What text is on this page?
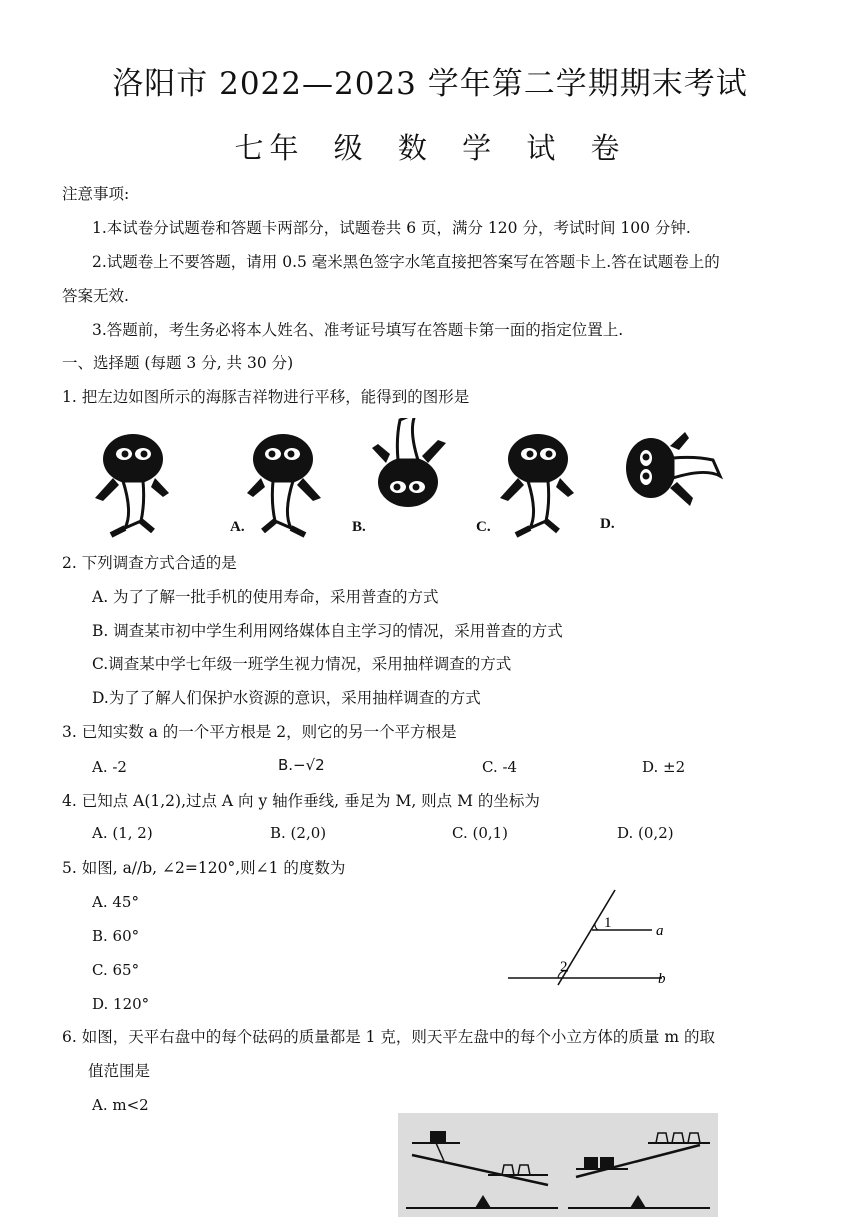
洛阳市 2022—2023 学年第二学期期末考试
七年 级 数 学 试 卷
注意事项:
1.本试卷分试题卷和答题卡两部分，试题卷共 6 页，满分 120 分，考试时间 100 分钟.
2.试题卷上不要答题，请用 0.5 毫米黑色签字水笔直接把答案写在答题卡上.答在试题卷上的
答案无效.
3.答题前，考生务必将本人姓名、准考证号填写在答题卡第一面的指定位置上.
一、选择题 (每题 3 分, 共 30 分)
1. 把左边如图所示的海豚吉祥物进行平移，能得到的图形是
A.	B.	C.	D.
2. 下列调查方式合适的是
A. 为了了解一批手机的使用寿命，采用普查的方式
B. 调查某市初中学生利用网络媒体自主学习的情况，采用普查的方式
C.调查某中学七年级一班学生视力情况，采用抽样调查的方式
D.为了了解人们保护水资源的意识，采用抽样调查的方式
3. 已知实数 a 的一个平方根是 2，则它的另一个平方根是
A. -2	B.−√2	C. -4	D. ±2
4. 已知点 A(1,2),过点 A 向 y 轴作垂线, 垂足为 M, 则点 M 的坐标为
A. (1, 2)	B. (2,0)	C. (0,1)	D. (0,2)
5. 如图, a//b, ∠2=120°,则∠1 的度数为
A. 45°
B. 60°
C. 65°
D. 120°
1
2
a
b
6. 如图，天平右盘中的每个砝码的质量都是 1 克，则天平左盘中的每个小立方体的质量 m 的取
值范围是
A. m<2
